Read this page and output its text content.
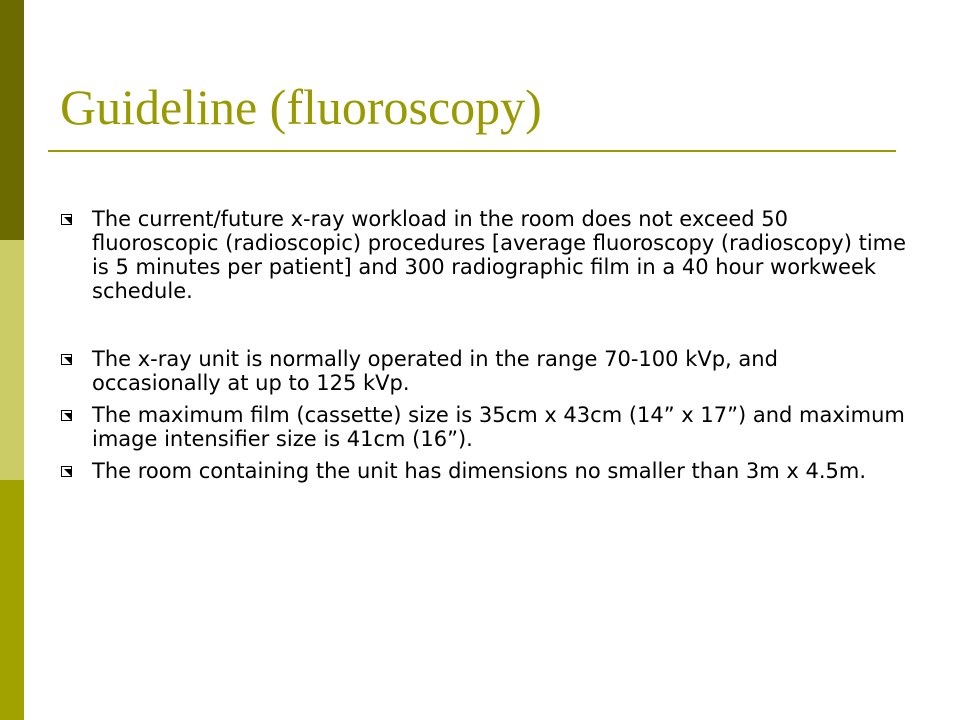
Guideline (fluoroscopy)
The current/future x-ray workload in the room does not exceed 50 fluoroscopic (radioscopic) procedures [average fluoroscopy (radioscopy) time is 5 minutes per patient] and 300 radiographic film in a 40 hour workweek schedule.
The x-ray unit is normally operated in the range 70-100 kVp, and occasionally at up to 125 kVp.
The maximum film (cassette) size is 35cm x 43cm (14” x 17”) and maximum image intensifier size is 41cm (16”).
The room containing the unit has dimensions no smaller than 3m x 4.5m.
